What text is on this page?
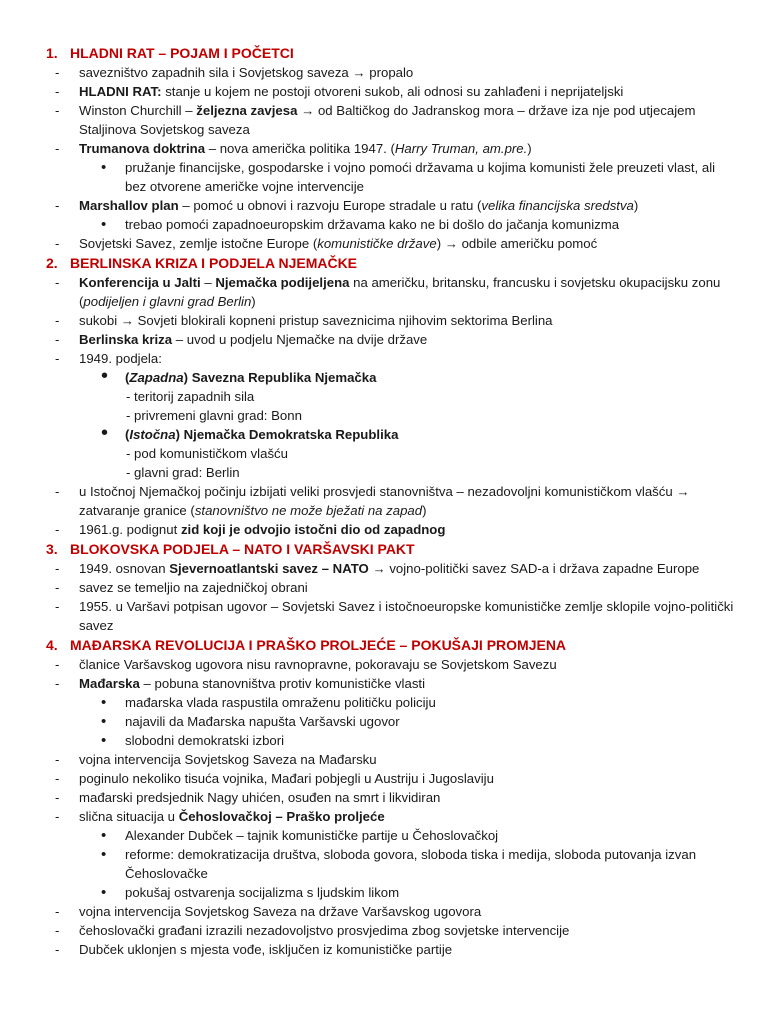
1. HLADNI RAT – POJAM I POČETCI
- savezništvo zapadnih sila i Sovjetskog saveza → propalo
- HLADNI RAT: stanje u kojem ne postoji otvoreni sukob, ali odnosi su zahlađeni i neprijateljski
- Winston Churchill – željezna zavjesa → od Baltičkog do Jadranskog mora – države iza nje pod utjecajem Staljinova Sovjetskog saveza
- Trumanova doktrina – nova američka politika 1947. (Harry Truman, am.pre.)
• pružanje financijske, gospodarske i vojno pomoći državama u kojima komunisti žele preuzeti vlast, ali bez otvorene američke vojne intervencije
- Marshallov plan – pomoć u obnovi i razvoju Europe stradale u ratu (velika financijska sredstva)
• trebao pomoći zapadnoeuropskim državama kako ne bi došlo do jačanja komunizma
- Sovjetski Savez, zemlje istočne Europe (komunističke države) → odbile američku pomoć
2. BERLINSKA KRIZA I PODJELA NJEMAČKE
- Konferencija u Jalti – Njemačka podijeljena na američku, britansku, francusku i sovjetsku okupacijsku zonu (podijeljen i glavni grad Berlin)
- sukobi → Sovjeti blokirali kopneni pristup saveznicima njihovim sektorima Berlina
- Berlinska kriza – uvod u podjelu Njemačke na dvije države
- 1949. podjela:
• (Zapadna) Savezna Republika Njemačka
- teritorij zapadnih sila
- privremeni glavni grad: Bonn
• (Istočna) Njemačka Demokratska Republika
- pod komunističkom vlašću
- glavni grad: Berlin
- u Istočnoj Njemačkoj počinju izbijati veliki prosvjedi stanovništva – nezadovoljni komunističkom vlašću → zatvaranje granice (stanovništvo ne može bježati na zapad)
- 1961.g. podignut zid koji je odvojio istočni dio od zapadnog
3. BLOKOVSKA PODJELA – NATO I VARŠAVSKI PAKT
- 1949. osnovan Sjevernoatlantski savez – NATO → vojno-politički savez SAD-a i država zapadne Europe
- savez se temeljio na zajedničkoj obrani
- 1955. u Varšavi potpisan ugovor – Sovjetski Savez i istočnoeuropske komunističke zemlje sklopile vojno-politički savez
4. MAĐARSKA REVOLUCIJA I PRAŠKO PROLJEĆE – POKUŠAJI PROMJENA
- članice Varšavskog ugovora nisu ravnopravne, pokoravaju se Sovjetskom Savezu
- Mađarska – pobuna stanovništva protiv komunističke vlasti
• mađarska vlada raspustila omraženu političku policiju
• najavili da Mađarska napušta Varšavski ugovor
• slobodni demokratski izbori
- vojna intervencija Sovjetskog Saveza na Mađarsku
- poginulo nekoliko tisuća vojnika, Mađari pobjegli u Austriju i Jugoslaviju
- mađarski predsjednik Nagy uhićen, osuđen na smrt i likvidiran
- slična situacija u Čehoslovačkoj – Praško proljeće
• Alexander Dubček – tajnik komunističke partije u Čehoslovačkoj
• reforme: demokratizacija društva, sloboda govora, sloboda tiska i medija, sloboda putovanja izvan Čehoslovačke
• pokušaj ostvarenja socijalizma s ljudskim likom
- vojna intervencija Sovjetskog Saveza na države Varšavskog ugovora
- čehoslovački građani izrazili nezadovoljstvo prosvjedima zbog sovjetske intervencije
- Dubček uklonjen s mjesta vođe, isključen iz komunističke partije
